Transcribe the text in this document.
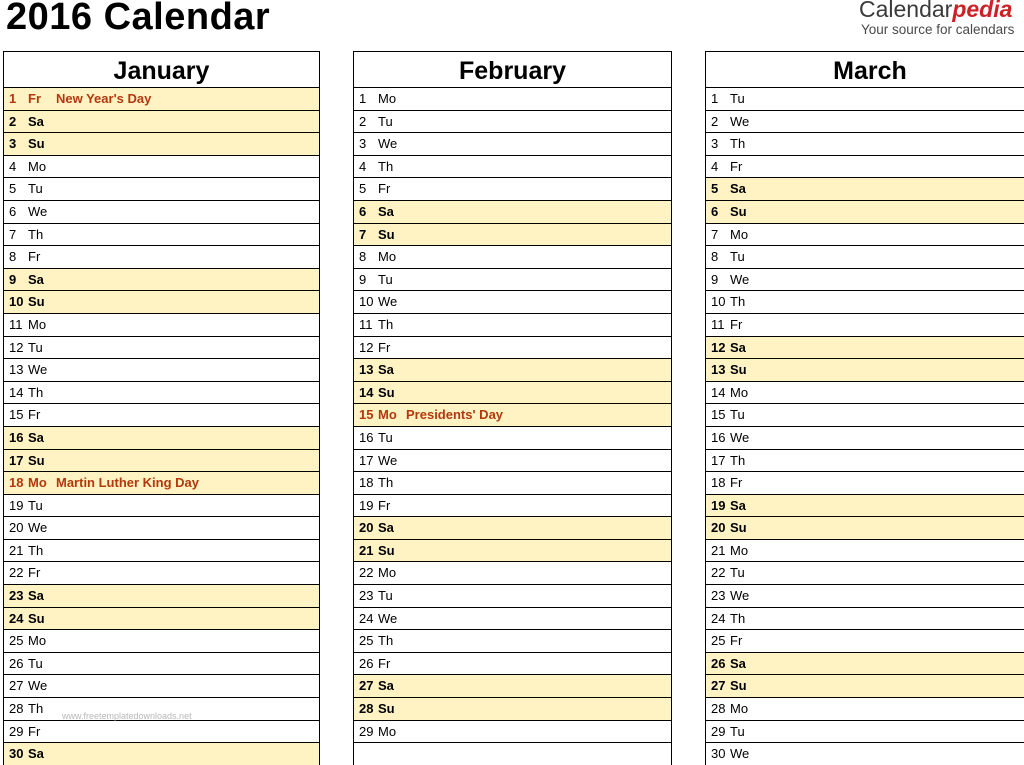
2016 Calendar	Calendarpedia
Your source for calendars
January
1 Fr New Year's Day
2 Sa
3 Su
4 Mo
5 Tu
6 We
7 Th
8 Fr
9 Sa
10 Su
11 Mo
12 Tu
13 We
14 Th
15 Fr
16 Sa
17 Su
18 Mo Martin Luther King Day
19 Tu
20 We
21 Th
22 Fr
23 Sa
24 Su
25 Mo
26 Tu
27 We
28 Th
29 Fr
30 Sa
February
1 Mo
2 Tu
3 We
4 Th
5 Fr
6 Sa
7 Su
8 Mo
9 Tu
10 We
11 Th
12 Fr
13 Sa
14 Su
15 Mo Presidents' Day
16 Tu
17 We
18 Th
19 Fr
20 Sa
21 Su
22 Mo
23 Tu
24 We
25 Th
26 Fr
27 Sa
28 Su
29 Mo
March
1 Tu
2 We
3 Th
4 Fr
5 Sa
6 Su
7 Mo
8 Tu
9 We
10 Th
11 Fr
12 Sa
13 Su
14 Mo
15 Tu
16 We
17 Th
18 Fr
19 Sa
20 Su
21 Mo
22 Tu
23 We
24 Th
25 Fr
26 Sa
27 Su
28 Mo
29 Tu
30 We
www.freetemplatedownloads.net
